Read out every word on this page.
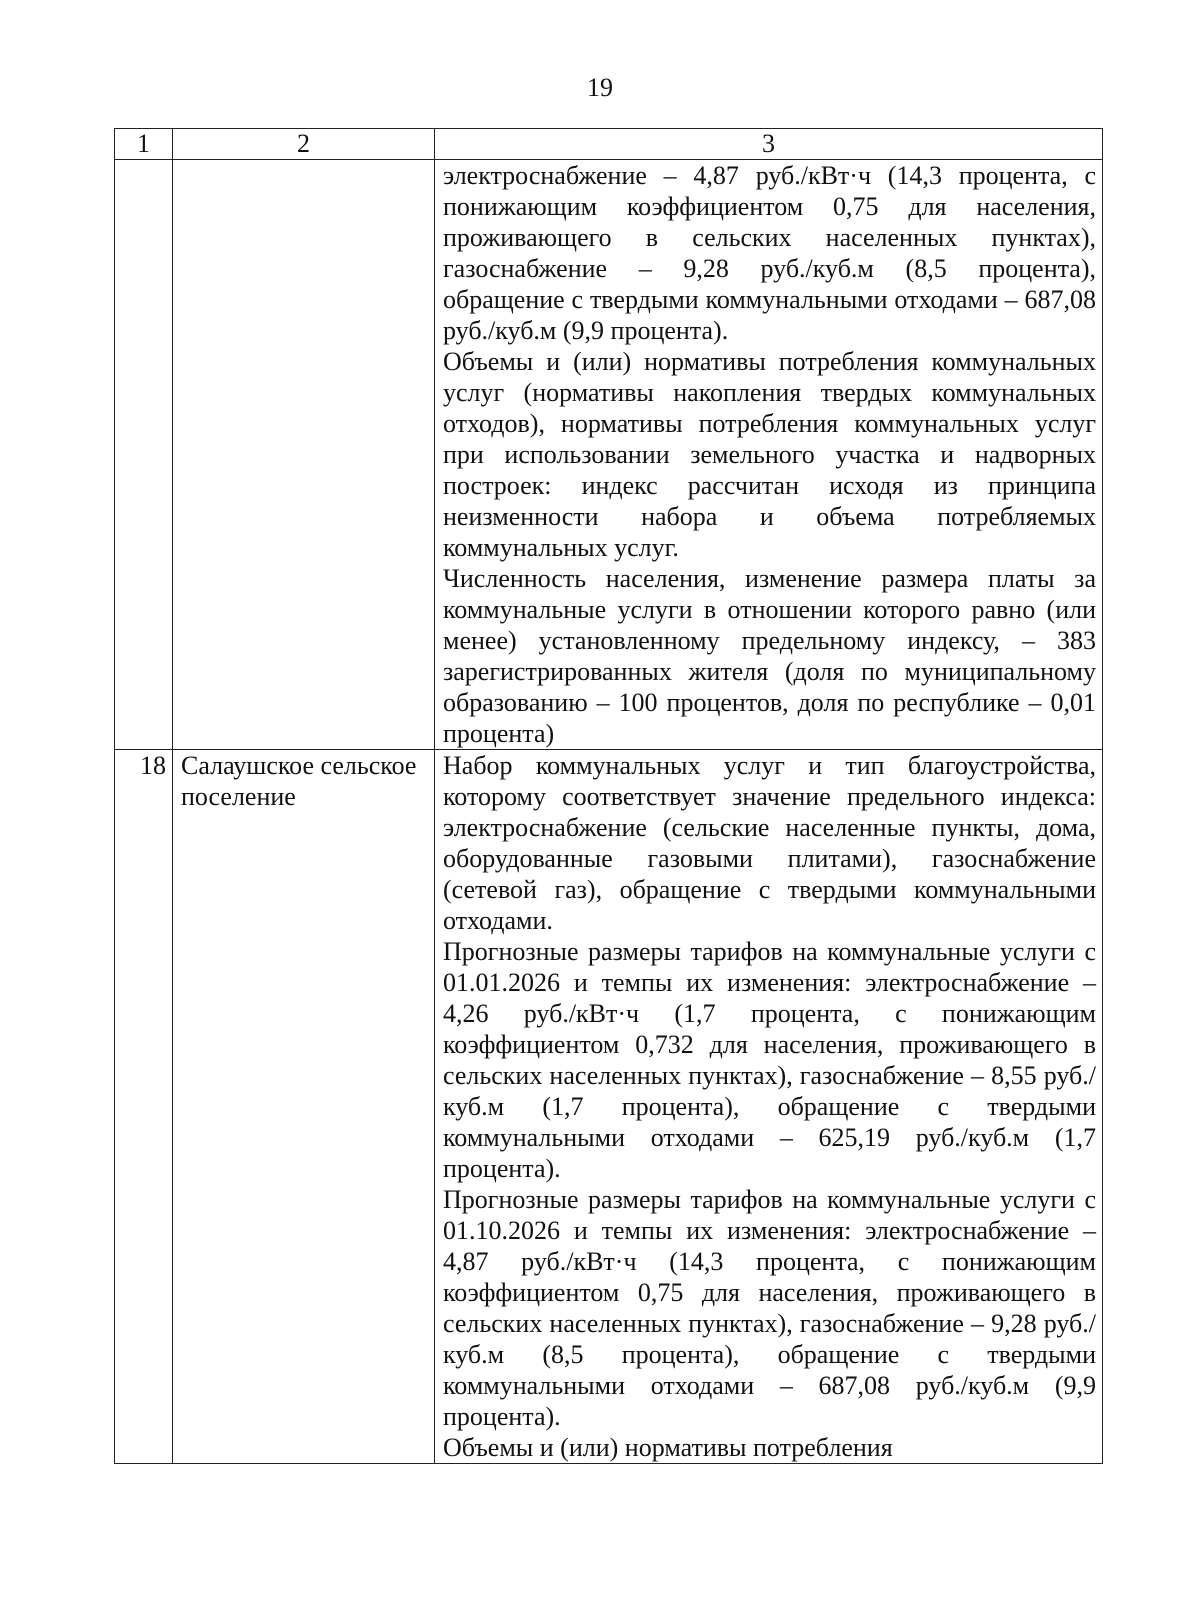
19
1	2	3

		электроснабжение – 4,87 руб./кВт·ч (14,3 процента, с понижающим коэффициентом 0,75 для населения, проживающего в сельских населенных пунктах), газоснабжение – 9,28 руб./куб.м (8,5 процента), обращение с твердыми коммунальными отходами – 687,08 руб./куб.м (9,9 процента).

Объемы и (или) нормативы потребления коммунальных услуг (нормативы накопления твердых коммунальных отходов), нормативы потребления коммунальных услуг при использовании земельного участка и надворных построек: индекс рассчитан исходя из принципа неизменности набора и объема потребляемых коммунальных услуг.

Численность населения, изменение размера платы за коммунальные услуги в отношении которого равно (или менее) установленному предельному индексу, – 383 зарегистрированных жителя (доля по муниципальному образованию – 100 процентов, доля по республике – 0,01 процента)

18	Салаушское сельское поселение	Набор коммунальных услуг и тип благоустройства, которому соответствует значение предельного индекса: электроснабжение (сельские населенные пункты, дома, оборудованные газовыми плитами), газоснабжение (сетевой газ), обращение с твердыми коммунальными отходами.

Прогнозные размеры тарифов на коммунальные услуги с 01.01.2026 и темпы их изменения: электроснабжение – 4,26 руб./кВт·ч (1,7 процента, с понижающим коэффициентом 0,732 для населения, проживающего в сельских населенных пунктах), газоснабжение – 8,55 руб./куб.м (1,7 процента), обращение с твердыми коммунальными отходами – 625,19 руб./куб.м (1,7 процента).

Прогнозные размеры тарифов на коммунальные услуги с 01.10.2026 и темпы их изменения: электроснабжение – 4,87 руб./кВт·ч (14,3 процента, с понижающим коэффициентом 0,75 для населения, проживающего в сельских населенных пунктах), газоснабжение – 9,28 руб./куб.м (8,5 процента), обращение с твердыми коммунальными отходами – 687,08 руб./куб.м (9,9 процента).

Объемы и (или) нормативы потребления
